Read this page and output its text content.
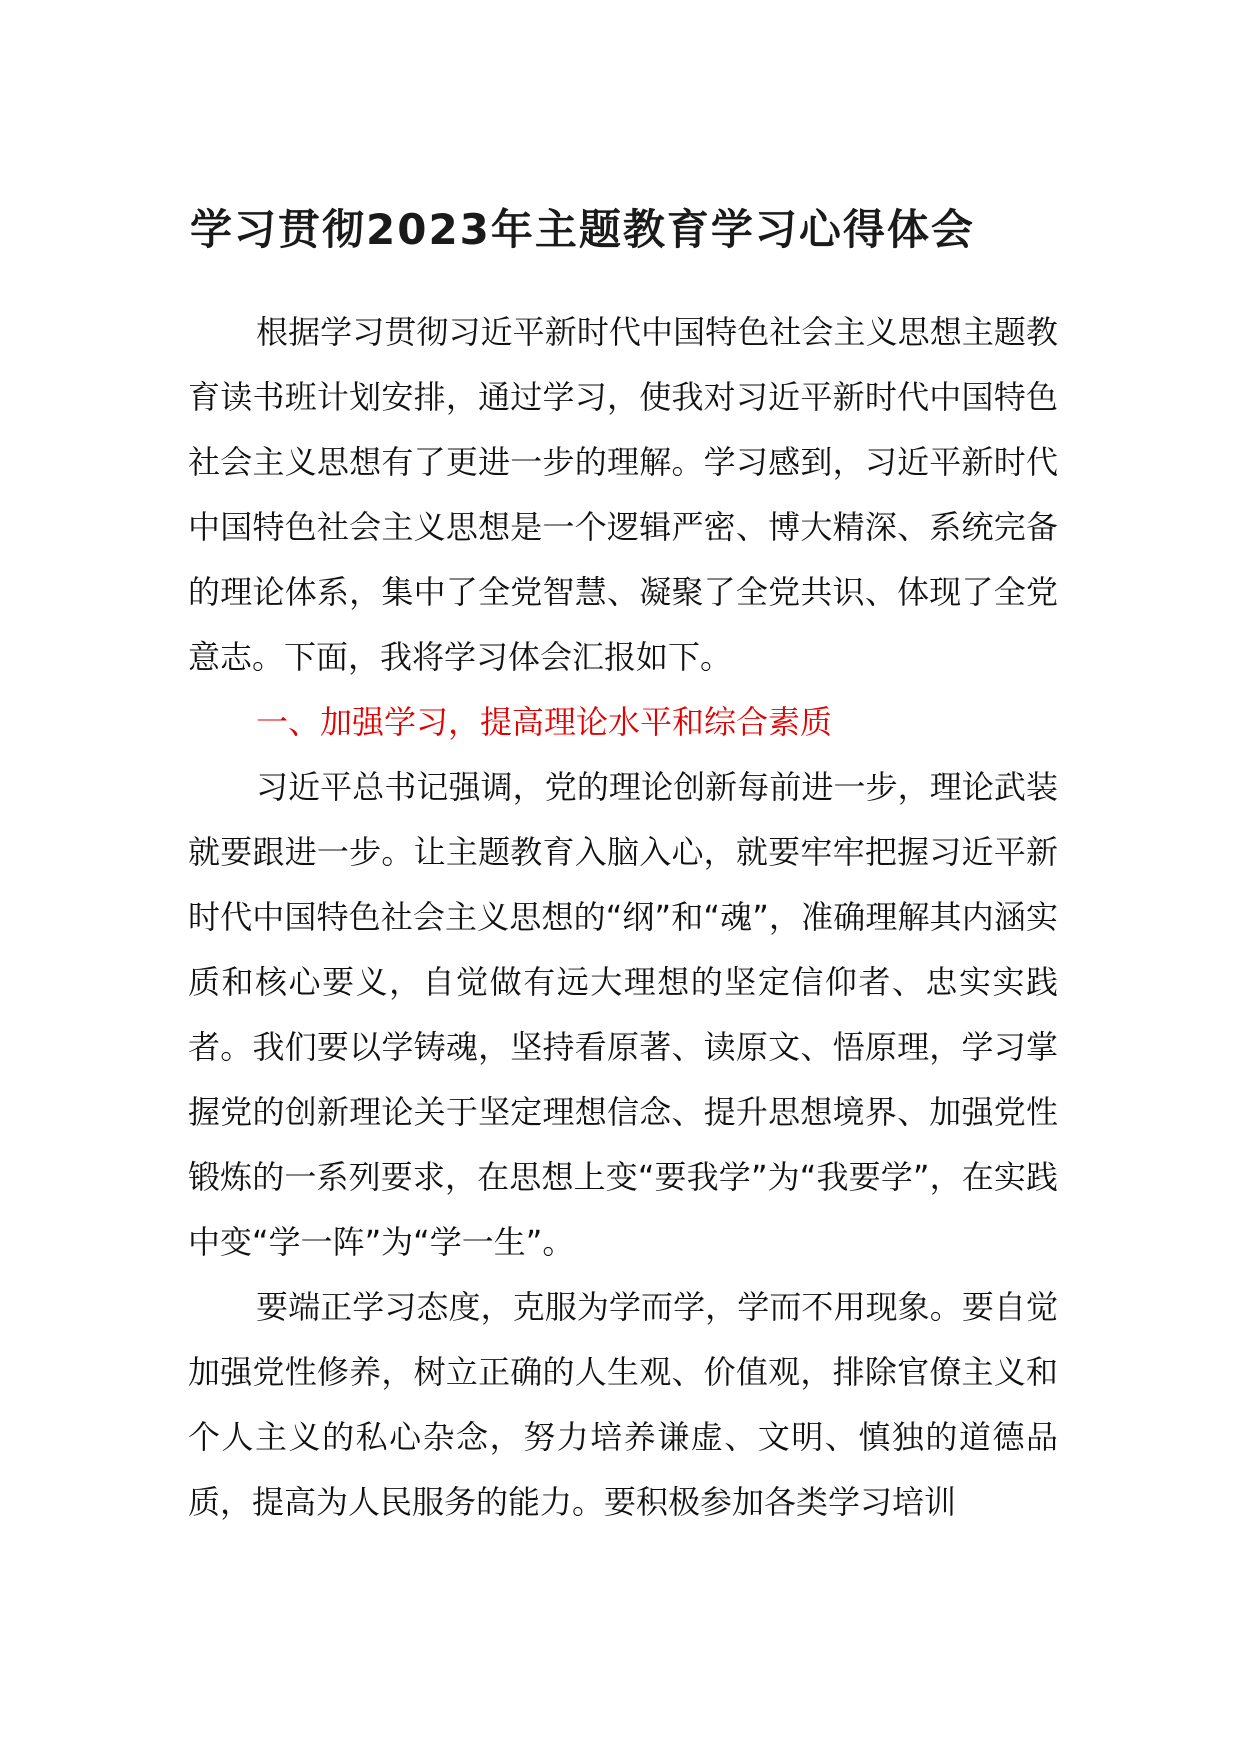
学习贯彻2023年主题教育学习心得体会

根据学习贯彻习近平新时代中国特色社会主义思想主题教育读书班计划安排，通过学习，使我对习近平新时代中国特色社会主义思想有了更进一步的理解。学习感到，习近平新时代中国特色社会主义思想是一个逻辑严密、博大精深、系统完备的理论体系，集中了全党智慧、凝聚了全党共识、体现了全党意志。下面，我将学习体会汇报如下。

一、加强学习，提高理论水平和综合素质

习近平总书记强调，党的理论创新每前进一步，理论武装就要跟进一步。让主题教育入脑入心，就要牢牢把握习近平新时代中国特色社会主义思想的“纲”和“魂”，准确理解其内涵实质和核心要义，自觉做有远大理想的坚定信仰者、忠实实践者。我们要以学铸魂，坚持看原著、读原文、悟原理，学习掌握党的创新理论关于坚定理想信念、提升思想境界、加强党性锻炼的一系列要求，在思想上变“要我学”为“我要学”，在实践中变“学一阵”为“学一生”。

要端正学习态度，克服为学而学，学而不用现象。要自觉加强党性修养，树立正确的人生观、价值观，排除官僚主义和个人主义的私心杂念，努力培养谦虚、文明、慎独的道德品质，提高为人民服务的能力。要积极参加各类学习培训
